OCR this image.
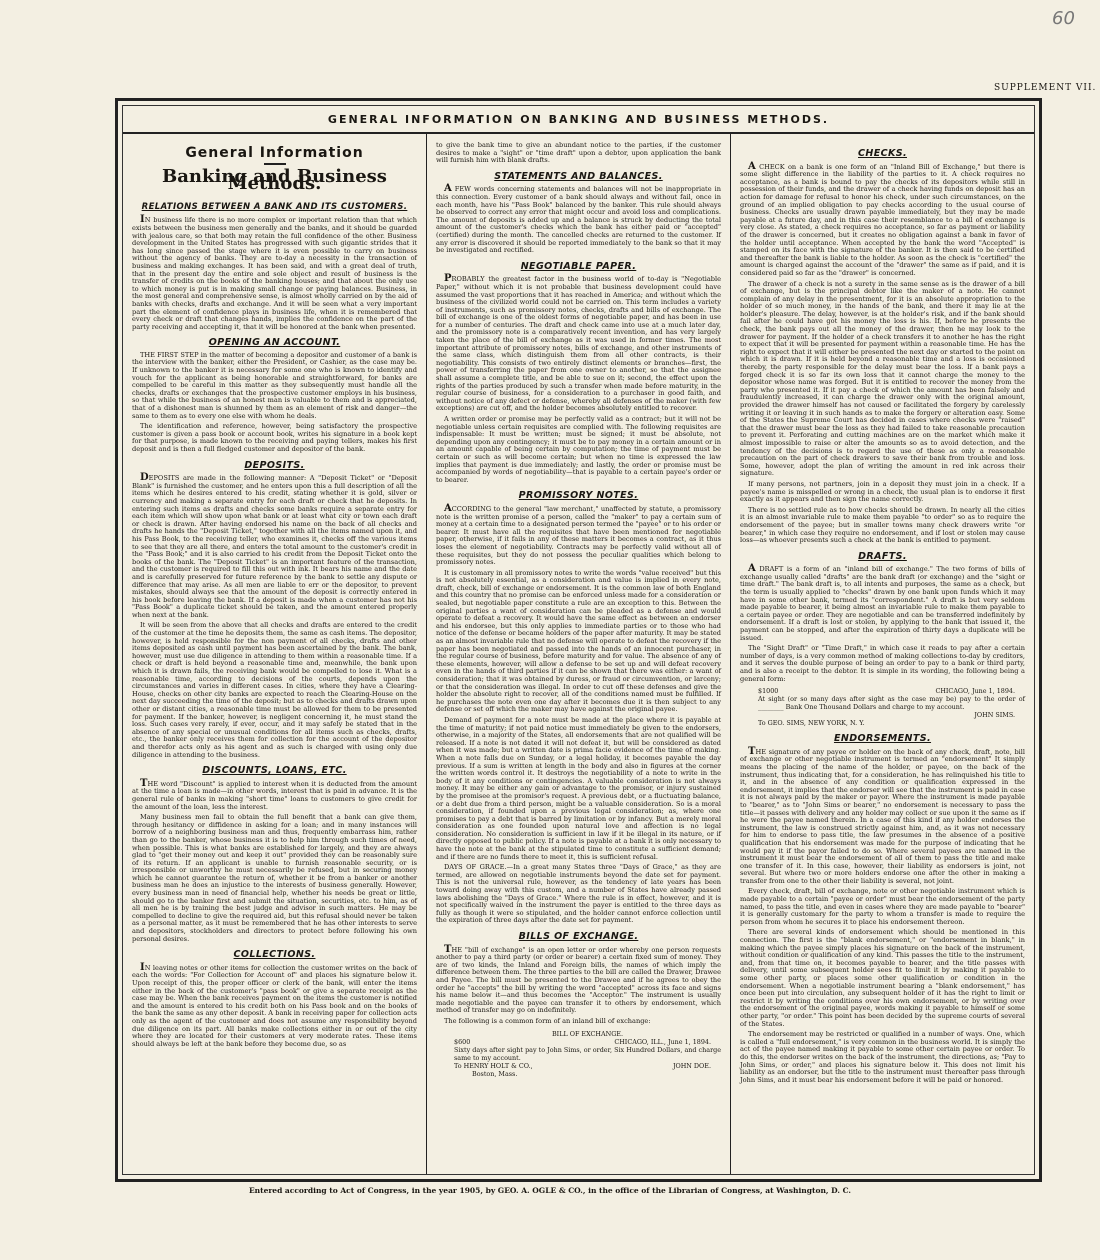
60
SUPPLEMENT VII.
GENERAL INFORMATION ON BANKING AND BUSINESS METHODS.
General Information
Banking and Business Methods.
RELATIONS BETWEEN A BANK AND ITS CUSTOMERS.

IN business life there is no more complex or important relation than that which exists between the business men generally and the banks, and it should be guarded with jealous care, so that both may retain the full confidence of the other. Business development in the United States has progressed with such gigantic strides that it has long since passed the stage where it is even possible to carry on business without the agency of banks. They are to-day a necessity in the transaction of business and making exchanges. It has been said, and with a great deal of truth, that in the present day the entire and sole object and result of business is the transfer of credits on the books of the banking houses; and that about the only use to which money is put is in making small change or paying balances. Business, in the most general and comprehensive sense, is almost wholly carried on by the aid of banks with checks, drafts and exchange. And it will be seen what a very important part the element of confidence plays in business life, when it is remembered that every check or draft that changes hands, implies the confidence on the part of the party receiving and accepting it, that it will be honored at the bank when presented.

OPENING AN ACCOUNT.

THE FIRST STEP in the matter of becoming a depositor and customer of a bank is the interview with the banker, either the President, or Cashier, as the case may be. If unknown to the banker it is necessary for some one who is known to identify and vouch for the applicant as being honorable and straightforward, for banks are compelled to be careful in this matter as they subsequently must handle all the checks, drafts or exchanges that the prospective customer employs in his business, so that while the business of an honest man is valuable to them and is appreciated, that of a dishonest man is shunned by them as an element of risk and danger—the same to them as to every one else with whom he deals.

The identification and reference, however, being satisfactory the prospective customer is given a pass book or account book, writes his signature in a book kept for that purpose, is made known to the receiving and paying tellers, makes his first deposit and is then a full fledged customer and depositor of the bank.

DEPOSITS.

DEPOSITS are made in the following manner: A "Deposit Ticket" or "Deposit Blank" is furnished the customer, and he enters upon this a full description of all the items which he desires entered to his credit, stating whether it is gold, silver or currency and making a separate entry for each draft or check that he deposits. In entering such items as drafts and checks some banks require a separate entry for each item which will show upon what bank or at least what city or town each draft or check is drawn. After having endorsed his name on the back of all checks and drafts he hands the "Deposit Ticket," together with all the items named upon it, and his Pass Book, to the receiving teller, who examines it, checks off the various items to see that they are all there, and enters the total amount to the customer's credit in the "Pass Book;" and it is also carried to his credit from the Deposit Ticket onto the books of the bank. The "Deposit Ticket" is an important feature of the transaction, and the customer is required to fill this out with ink. It bears his name and the date and is carefully preserved for future reference by the bank to settle any dispute or difference that may arise. As all men are liable to err or the depositor, to prevent mistakes, should always see that the amount of the deposit is correctly entered in his book before leaving the bank. If a deposit is made when a customer has not his "Pass Book" a duplicate ticket should be taken, and the amount entered properly when next at the bank.

It will be seen from the above that all checks and drafts are entered to the credit of the customer at the time he deposits them, the same as cash items. The depositor, however, is held responsible for the non payment of all checks, drafts and other items deposited as cash until payment has been ascertained by the bank. The bank, however, must use due diligence in attending to them within a reasonable time. If a check or draft is held beyond a reasonable time and, meanwhile, the bank upon which it is drawn fails, the receiving bank would be compelled to lose it. What is a reasonable time, according to decisions of the courts, depends upon the circumstances and varies in different cases. In cities, where they have a Clearing-House, checks on other city banks are expected to reach the Clearing-House on the next day succeeding the time of the deposit; but as to checks and drafts drawn upon other or distant cities, a reasonable time must be allowed for them to be presented for payment. If the banker, however, is negligent concerning it, he must stand the loss. Such cases very rarely, if ever, occur, and it may safely be stated that in the absence of any special or unusual conditions for all items such as checks, drafts, etc., the banker only receives them for collection for the account of the depositor and therefor acts only as his agent and as such is charged with using only due diligence in attending to the business.

DISCOUNTS, LOANS, ETC.

THE word "Discount" is applied to interest when it is deducted from the amount at the time a loan is made—in other words, interest that is paid in advance. It is the general rule of banks in making "short time" loans to customers to give credit for the amount of the loan, less the interest.

Many business men fail to obtain the full benefit that a bank can give them, through hesitancy or diffidence in asking for a loan; and in many instances will borrow of a neighboring business man and thus, frequently embarrass him, rather than go to the banker, whose business it is to help him through such times of need, when possible. This is what banks are established for largely, and they are always glad to "get their money out and keep it out" provided they can be reasonably sure of its return. If an applicant is unable to furnish reasonable security, or is irresponsible or unworthy he must necessarily be refused, but in securing money which he cannot guarantee the return of, whether it be from a banker or another business man he does an injustice to the interests of business generally. However, every business man in need of financial help, whether his needs be great or little, should go to the banker first and submit the situation, securities, etc. to him, as of all men he is by training the best judge and advisor in such matters. He may be compelled to decline to give the required aid, but this refusal should never be taken as a personal matter, as it must be remembered that he has other interests to serve and depositors, stockholders and directors to protect before following his own personal desires.

COLLECTIONS.

IN leaving notes or other items for collection the customer writes on the back of each the words: "For Collection for Account of" and places his signature below it. Upon receipt of this, the proper officer or clerk of the bank, will enter the items either in the back of the customer's "pass book" or give a separate receipt as the case may be. When the bank receives payment on the items the customer is notified and the amount is entered to his credit both on his Pass book and on the books of the bank the same as any other deposit. A bank in receiving paper for collection acts only as the agent of the customer and does not assume any responsibility beyond due diligence on its part. All banks make collections either in or out of the city where they are located for their customers at very moderate rates. These items should always be left at the bank before they become due, so as

to give the bank time to give an abundant notice to the parties, if the customer desires to make a "sight" or "time draft" upon a debtor, upon application the bank will furnish him with blank drafts.

STATEMENTS AND BALANCES.

A FEW words concerning statements and balances will not be inappropriate in this connection. Every customer of a bank should always and without fail, once in each month, have his "Pass Book" balanced by the banker. This rule should always be observed to correct any error that might occur and avoid loss and complications. The amount of deposits is added up and a balance is struck by deducting the total amount of the customer's checks which the bank has either paid or "accepted" (certified) during the month. The cancelled checks are returned to the customer. If any error is discovered it should be reported immediately to the bank so that it may be investigated and rectified.

NEGOTIABLE PAPER.

PROBABLY the greatest factor in the business world of to-day is "Negotiable Paper," without which it is not probable that business development could have assumed the vast proportions that it has reached in America; and without which the business of the civilized world could not be carried on. This term includes a variety of instruments, such as promissory notes, checks, drafts and bills of exchange. The bill of exchange is one of the oldest forms of negotiable paper, and has been in use for a number of centuries. The draft and check came into use at a much later day, and the promissory note is a comparatively recent invention, and has very largely taken the place of the bill of exchange as it was used in former times. The most important attribute of promissory notes, bills of exchange, and other instruments of the same class, which distinguish them from all other contracts, is their negotiability. This consists of two entirely distinct elements or branches—first, the power of transferring the paper from one owner to another, so that the assignee shall assume a complete title, and be able to sue on it; second, the effect upon the rights of the parties produced by such a transfer when made before maturity, in the regular course of business, for a consideration to a purchaser in good faith, and without notice of any defect or defense, whereby all defenses of the maker (with few exceptions) are cut off, and the holder becomes absolutely entitled to recover.

A written order or promise may be perfectly valid as a contract; but it will not be negotiable unless certain requisites are complied with. The following requisites are indispensable: It must be written; must be signed; it must be absolute, not depending upon any contingency; it must be to pay money in a certain amount or in an amount capable of being certain by computation; the time of payment must be certain or such as will become certain; but when no time is expressed the law implies that payment is due immediately; and lastly, the order or promise must be accompanied by words of negotiability—that is payable to a certain payee's order or to bearer.

PROMISSORY NOTES.

ACCORDING to the general "law merchant," unaffected by statute, a promissory note is the written promise of a person, called the "maker" to pay a certain sum of money at a certain time to a designated person termed the "payee" or to his order or bearer. It must have all the requisites that have been mentioned for negotiable paper, otherwise, if it fails in any of these matters it becomes a contract, as it thus loses the element of negotiability. Contracts may be perfectly valid without all of these requisites, but they do not possess the peculiar qualities which belong to promissory notes.

It is customary in all promissory notes to write the words "value received" but this is not absolutely essential, as a consideration and value is implied in every note, draft, check, bill of exchange or endorsement. It is the common law of both England and this country that no promise can be enforced unless made for a consideration or sealed, but negotiable paper constitute a rule are an exception to this. Between the original parties a want of consideration can be pleaded as a defense and would operate to defeat a recovery. It would have the same effect as between an endorser and his endorsee, but this only applies to immediate parties or to those who had notice of the defense or became holders of the paper after maturity. It may be stated as an almost invariable rule that no defense will operate to defeat the recovery if the paper has been negotiated and passed into the hands of an innocent purchaser, in the regular course of business, before maturity and for value. The absence of any of these elements, however, will allow a defense to be set up and will defeat recovery even in the hands of third parties if it can be shown that there was either: a want of consideration; that it was obtained by duress, or fraud or circumvention, or larceny; or that the consideration was illegal. In order to cut off these defenses and give the holder the absolute right to recover, all of the conditions named must be fulfilled. If he purchases the note even one day after it becomes due it is then subject to any defense or set off which the maker may have against the original payee.

Demand of payment for a note must be made at the place where it is payable at the time of maturity; if not paid notice must immediately be given to the endorsers, otherwise, in a majority of the States, all endorsements that are not qualified will be released. If a note is not dated it will not defeat it, but will be considered as dated when it was made; but a written date is prima facie evidence of the time of making. When a note falls due on Sunday, or a legal holiday, it becomes payable the day previous. If a sum is written at length in the body and also in figures at the corner the written words control it. It destroys the negotiability of a note to write in the body of it any conditions or contingencies. A valuable consideration is not always money. It may be either any gain or advantage to the promisor, or injury sustained by the promisee at the promisor's request. A previous debt, or a fluctuating balance, or a debt due from a third person, might be a valuable consideration. So is a moral consideration, if founded upon a previous legal consideration; as, where one promises to pay a debt that is barred by limitation or by infancy. But a merely moral consideration as one founded upon natural love and affection is no legal consideration. No consideration is sufficient in law if it be illegal in its nature, or if directly opposed to public policy. If a note is payable at a bank it is only necessary to have the note at the bank at the stipulated time to constitute a sufficient demand; and if there are no funds there to meet it, this is sufficient refusal.

DAYS OF GRACE.—In a great many States three "Days of Grace," as they are termed, are allowed on negotiable instruments beyond the date set for payment. This is not the universal rule, however, as the tendency of late years has been toward doing away with this custom, and a number of States have already passed laws abolishing the "Days of Grace." Where the rule is in effect, however, and it is not specifically waived in the instrument the payer is entitled to the three days as fully as though it were so stipulated, and the holder cannot enforce collection until the expiration of three days after the date set for payment.

BILLS OF EXCHANGE.

THE "bill of exchange" is an open letter or order whereby one person requests another to pay a third party (or order or bearer) a certain fixed sum of money. They are of two kinds, the Inland and Foreign bills, the names of which imply the difference between them. The three parties to the bill are called the Drawer, Drawee and Payee. The bill must be presented to the Drawee and if he agrees to obey the order he "accepts" the bill by writing the word "accepted" across its face and signs his name below it—and thus becomes the "Acceptor." The instrument is usually made negotiable and the payee can transfer it to others by endorsement, which method of transfer may go on indefinitely.

The following is a common form of an inland bill of exchange:

BILL OF EXCHANGE.
$600	CHICAGO, ILL., June 1, 1894.
Sixty days after sight pay to John Sims, or order, Six Hundred Dollars, and charge same to my account.
To HENRY HOLT & CO.,	JOHN DOE.
Boston, Mass.
CHECKS.

A CHECK on a bank is one form of an "Inland Bill of Exchange," but there is some slight difference in the liability of the parties to it. A check requires no acceptance, as a bank is bound to pay the checks of its depositors while still in possession of their funds, and the drawer of a check having funds on deposit has an action for damage for refusal to honor his check, under such circumstances, on the ground of an implied obligation to pay checks according to the usual course of business. Checks are usually drawn payable immediately, but they may be made payable at a future day, and in this case their resemblance to a bill of exchange is very close. As stated, a check requires no acceptance, so far as payment or liability of the drawer is concerned, but it creates no obligation against a bank in favor of the holder until acceptance. When accepted by the bank the word "Accepted" is stamped on its face with the signature of the banker. It is then said to be certified and thereafter the bank is liable to the holder. As soon as the check is "certified" the amount is charged against the account of the "drawer" the same as if paid, and it is considered paid so far as the "drawer" is concerned.

The drawer of a check is not a surety in the same sense as is the drawer of a bill of exchange, but is the principal debtor like the maker of a note. He cannot complain of any delay in the presentment, for it is an absolute appropriation to the holder of so much money, in the hands of the bank, and there it may lie at the holder's pleasure. The delay, however, is at the holder's risk, and if the bank should fail after he could have got his money the loss is his. If, before he presents the check, the bank pays out all the money of the drawer, then he may look to the drawer for payment. If the holder of a check transfers it to another he has the right to expect that it will be presented for payment within a reasonable time. He has the right to expect that it will either be presented the next day or started to the point on which it is drawn. If it is held beyond a reasonable time and a loss is occasioned thereby, the party responsible for the delay must bear the loss. If a bank pays a forged check it is so far its own loss that it cannot charge the money to the depositor whose name was forged. But it is entitled to recover the money from the party who presented it. If it pay a check of which the amount has been falsely and fraudulently increased, it can charge the drawer only with the original amount, provided the drawer himself has not caused or facilitated the forgery by carelessly writing it or leaving it in such hands as to make the forgery or alteration easy. Some of the States the Supreme Court has decided in cases where checks were "raised" that the drawer must bear the loss as they had failed to take reasonable precaution to prevent it. Perforating and cutting machines are on the market which make it almost impossible to raise or alter the amounts so as to avoid detection, and the tendency of the decisions is to regard the use of these as only a reasonable precaution on the part of check drawers to save their bank from trouble and loss. Some, however, adopt the plan of writing the amount in red ink across their signature.

If many persons, not partners, join in a deposit they must join in a check. If a payee's name is misspelled or wrong in a check, the usual plan is to endorse it first exactly as it appears and then sign the name correctly.

There is no settled rule as to how checks should be drawn. In nearly all the cities it is an almost invariable rule to make them payable "to order" so as to require the endorsement of the payee; but in smaller towns many check drawers write "or bearer," in which case they require no endorsement, and if lost or stolen may cause loss—as whoever presents such a check at the bank is entitled to payment.

DRAFTS.

A DRAFT is a form of an "inland bill of exchange." The two forms of bills of exchange usually called "drafts" are the bank draft (or exchange) and the "sight or time draft." The bank draft is, to all intents and purposes, the same as a check, but the term is usually applied to "checks" drawn by one bank upon funds which it may have in some other bank, termed its "correspondent." A draft is but very seldom made payable to bearer, it being almost an invariable rule to make them payable to a certain payee or order. They are negotiable and can be transferred indefinitely by endorsement. If a draft is lost or stolen, by applying to the bank that issued it, the payment can be stopped, and after the expiration of thirty days a duplicate will be issued.

The "Sight Draft" or "Time Draft," in which case it reads to pay after a certain number of days, is a very common method of making collections to-day by creditors, and it serves the double purpose of being an order to pay to a bank or third party, and is also a receipt to the debtor. It is simple in its wording, the following being a general form:

$1000	CHICAGO, June 1, 1894.
At sight (or so many days after sight as the case may be) pay to the order of ________ Bank One Thousand Dollars and charge to my account.
JOHN SIMS.
To GEO. SIMS, NEW YORK, N. Y.
ENDORSEMENTS.

THE signature of any payee or holder on the back of any check, draft, note, bill of exchange or other negotiable instrument is termed an "endorsement" It simply means the placing of the name of the holder, or payee, on the back of the instrument, thus indicating that, for a consideration, he has relinquished his title to it, and in the absence of any condition or qualification expressed in the endorsement, it implies that the endorser will see that the instrument is paid in case it is not always paid by the maker or payor. Where the instrument is made payable to "bearer," as to "John Sims or bearer," no endorsement is necessary to pass the title—it passes with delivery and any holder may collect or sue upon it the same as if he were the payee named therein. In a case of this kind if any holder endorses the instrument, the law is construed strictly against him, and, as it was not necessary for him to endorse to pass title, the law presumes in the absence of a positive qualification that his endorsement was made for the purpose of indicating that he would pay it if the payor failed to do so. Where several payees are named in the instrument it must bear the endorsement of all of them to pass the title and make one transfer of it. In this case, however, their liability as endorsers is joint, not several. But where two or more holders endorse one after the other in making a transfer from one to the other their liability is several, not joint.

Every check, draft, bill of exchange, note or other negotiable instrument which is made payable to a certain "payee or order" must bear the endorsement of the party named, to pass the title, and even in cases where they are made payable to "bearer" it is generally customary for the party to whom a transfer is made to require the person from whom he secures it to place his endorsement thereon.

There are several kinds of endorsement which should be mentioned in this connection. The first is the "blank endorsement," or "endorsement in blank," in making which the payee simply places his signature on the back of the instrument, without condition or qualification of any kind. This passes the title to the instrument, and, from that time on, it becomes payable to bearer, and the title passes with delivery, until some subsequent holder sees fit to limit it by making it payable to some other party, or places some other qualification or condition in the endorsement. When a negotiable instrument bearing a "blank endorsement," has once been put into circulation, any subsequent holder of it has the right to limit or restrict it by writing the conditions over his own endorsement, or by writing over the endorsement of the original payee, words making it payable to himself or some other party, "or order." This point has been decided by the supreme courts of several of the States.

The endorsement may be restricted or qualified in a number of ways. One, which is called a "full endorsement," is very common in the business world. It is simply the act of the payee named making it payable to some other certain payee or order. To do this, the endorser writes on the back of the instrument, the directions, as; "Pay to John Sims, or order," and places his signature below it. This does not limit his liability as an endorser, but the title to the instrument must thereafter pass through John Sims, and it must bear his endorsement before it will be paid or honored.

Entered according to Act of Congress, in the year 1905, by GEO. A. OGLE & CO., in the office of the Librarian of Congress, at Washington, D. C.
